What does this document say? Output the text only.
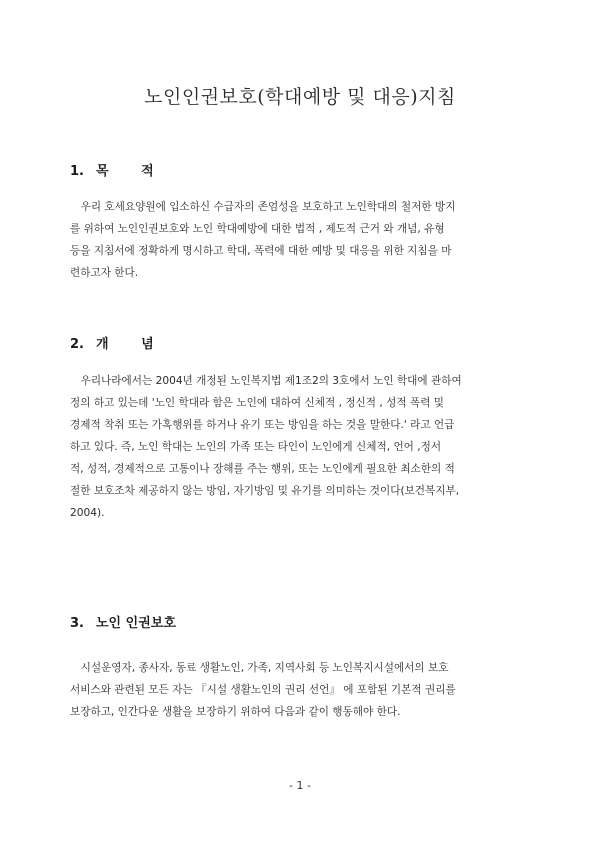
노인인권보호(학대예방 및 대응)지침
1. 목 적
　우리 호세요양원에 입소하신 수급자의 존엄성을 보호하고 노인학대의 철저한 방지
를 위하여 노인인권보호와 노인 학대예방에 대한 법적 , 제도적 근거 와 개념, 유형
등을 지침서에 정확하게 명시하고 학대, 폭력에 대한 예방 및 대응을 위한 지침을 마
련하고자 한다.
2. 개 념
　우리나라에서는 2004년 개정된 노인복지법 제1조2의 3호에서 노인 학대에 관하여
정의 하고 있는데 '노인 학대라 함은 노인에 대하여 신체적 , 정신적 , 성적 폭력 및
경제적 착취 또는 가혹행위를 하거나 유기 또는 방임을 하는 것을 말한다.' 라고 언급
하고 있다. 즉, 노인 학대는 노인의 가족 또는 타인이 노인에게 신체적, 언어 ,정서
적, 성적, 경제적으로 고통이나 장해를 주는 행위, 또는 노인에게 필요한 최소한의 적
절한 보호조차 제공하지 않는 방임, 자기방임 및 유기를 의미하는 것이다(보건복지부,
2004).
3. 노인 인권보호
　시설운영자, 종사자, 동료 생활노인, 가족, 지역사회 등 노인복지시설에서의 보호
서비스와 관련된 모든 자는 『시설 생활노인의 권리 선언』 에 포함된 기본적 권리를
보장하고, 인간다운 생활을 보장하기 위하여 다음과 같이 행동해야 한다.
- 1 -
